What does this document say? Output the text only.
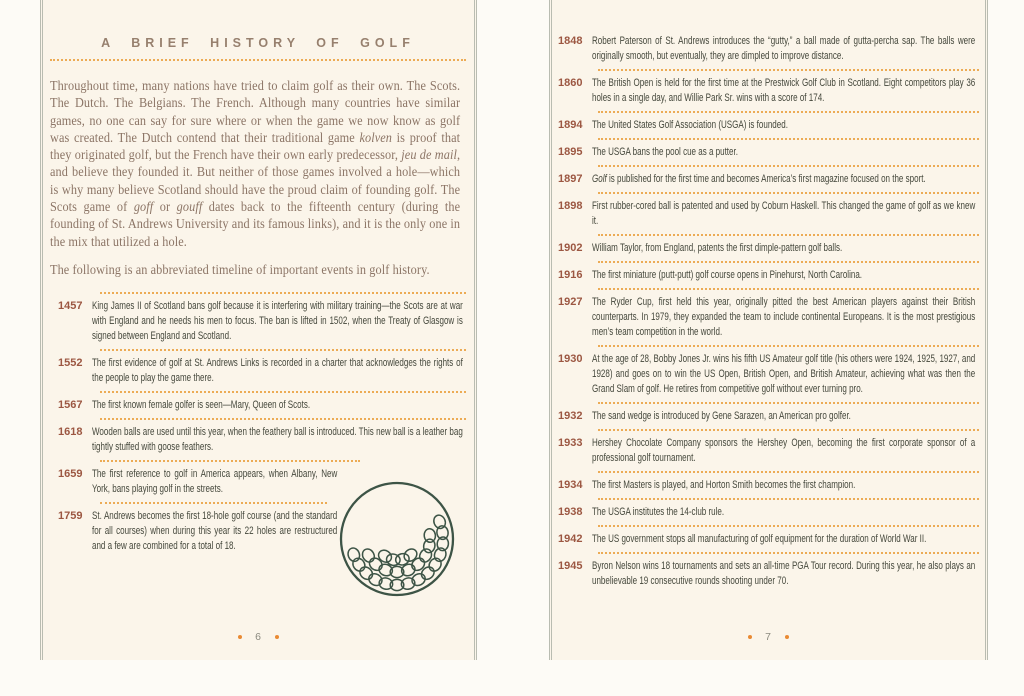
A BRIEF HISTORY OF GOLF

Throughout time, many nations have tried to claim golf as their own. The Scots. The Dutch. The Belgians. The French. Although many countries have similar games, no one can say for sure where or when the game we now know as golf was created. The Dutch contend that their traditional game kolven is proof that they originated golf, but the French have their own early predecessor, jeu de mail, and believe they founded it. But neither of those games involved a hole—which is why many believe Scotland should have the proud claim of founding golf. The Scots game of goff or gouff dates back to the fifteenth century (during the founding of St. Andrews University and its famous links), and it is the only one in the mix that utilized a hole.

The following is an abbreviated timeline of important events in golf history.

1457 King James II of Scotland bans golf because it is interfering with military training—the Scots are at war with England and he needs his men to focus. The ban is lifted in 1502, when the Treaty of Glasgow is signed between England and Scotland.
1552 The first evidence of golf at St. Andrews Links is recorded in a charter that acknowledges the rights of the people to play the game there.
1567 The first known female golfer is seen—Mary, Queen of Scots.
1618 Wooden balls are used until this year, when the feathery ball is introduced. This new ball is a leather bag tightly stuffed with goose feathers.
1659 The first reference to golf in America appears, when Albany, New York, bans playing golf in the streets.
1759 St. Andrews becomes the first 18-hole golf course (and the standard for all courses) when during this year its 22 holes are restructured and a few are combined for a total of 18.
6
1848 Robert Paterson of St. Andrews introduces the “gutty,” a ball made of gutta-percha sap. The balls were originally smooth, but eventually, they are dimpled to improve distance.
1860 The British Open is held for the first time at the Prestwick Golf Club in Scotland. Eight competitors play 36 holes in a single day, and Willie Park Sr. wins with a score of 174.
1894 The United States Golf Association (USGA) is founded.
1895 The USGA bans the pool cue as a putter.
1897 Golf is published for the first time and becomes America’s first magazine focused on the sport.
1898 First rubber-cored ball is patented and used by Coburn Haskell. This changed the game of golf as we knew it.
1902 William Taylor, from England, patents the first dimple-pattern golf balls.
1916 The first miniature (putt-putt) golf course opens in Pinehurst, North Carolina.
1927 The Ryder Cup, first held this year, originally pitted the best American players against their British counterparts. In 1979, they expanded the team to include continental Europeans. It is the most prestigious men’s team competition in the world.
1930 At the age of 28, Bobby Jones Jr. wins his fifth US Amateur golf title (his others were 1924, 1925, 1927, and 1928) and goes on to win the US Open, British Open, and British Amateur, achieving what was then the Grand Slam of golf. He retires from competitive golf without ever turning pro.
1932 The sand wedge is introduced by Gene Sarazen, an American pro golfer.
1933 Hershey Chocolate Company sponsors the Hershey Open, becoming the first corporate sponsor of a professional golf tournament.
1934 The first Masters is played, and Horton Smith becomes the first champion.
1938 The USGA institutes the 14-club rule.
1942 The US government stops all manufacturing of golf equipment for the duration of World War II.
1945 Byron Nelson wins 18 tournaments and sets an all-time PGA Tour record. During this year, he also plays an unbelievable 19 consecutive rounds shooting under 70.
7
